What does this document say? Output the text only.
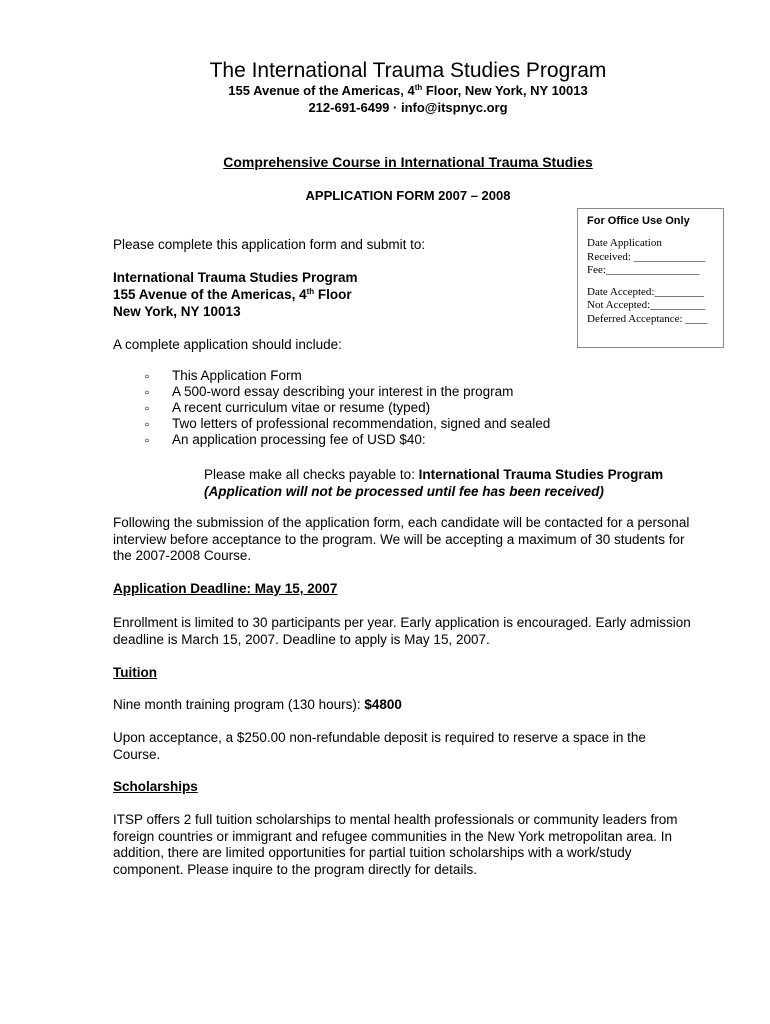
The International Trauma Studies Program
155 Avenue of the Americas, 4th Floor, New York, NY 10013
212-691-6499 · info@itspnyc.org
Comprehensive Course in International Trauma Studies
APPLICATION FORM 2007 – 2008
For Office Use Only
Date Application
Received: _____________
Fee:_________________
Date Accepted:_________
Not Accepted:__________
Deferred Acceptance: ____
Please complete this application form and submit to:
International Trauma Studies Program
155 Avenue of the Americas, 4th Floor
New York, NY 10013
A complete application should include:
▫	This Application Form
▫	A 500-word essay describing your interest in the program
▫	A recent curriculum vitae or resume (typed)
▫	Two letters of professional recommendation, signed and sealed
▫	An application processing fee of USD $40:
Please make all checks payable to: International Trauma Studies Program
(Application will not be processed until fee has been received)
Following the submission of the application form, each candidate will be contacted for a personal interview before acceptance to the program. We will be accepting a maximum of 30 students for the 2007-2008 Course.
Application Deadline: May 15, 2007
Enrollment is limited to 30 participants per year. Early application is encouraged. Early admission deadline is March 15, 2007. Deadline to apply is May 15, 2007.
Tuition
Nine month training program (130 hours): $4800
Upon acceptance, a $250.00 non-refundable deposit is required to reserve a space in the Course.
Scholarships
ITSP offers 2 full tuition scholarships to mental health professionals or community leaders from foreign countries or immigrant and refugee communities in the New York metropolitan area. In addition, there are limited opportunities for partial tuition scholarships with a work/study component. Please inquire to the program directly for details.
